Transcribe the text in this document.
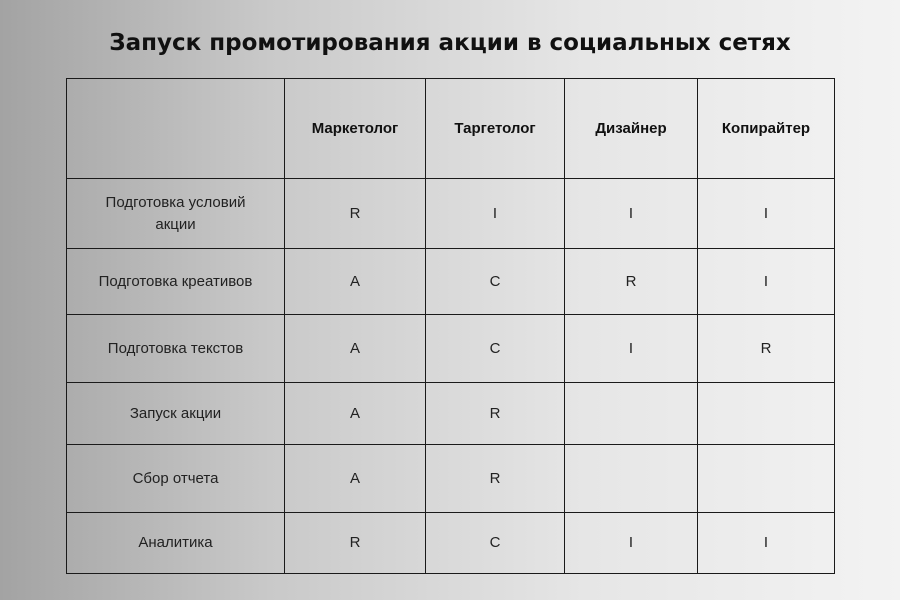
Запуск промотирования акции в социальных сетях
	Маркетолог	Таргетолог	Дизайнер	Копирайтер
Подготовка условий акции	R	I	I	I
Подготовка креативов	A	C	R	I
Подготовка текстов	A	C	I	R
Запуск акции	A	R		
Сбор отчета	A	R		
Аналитика	R	C	I	I
